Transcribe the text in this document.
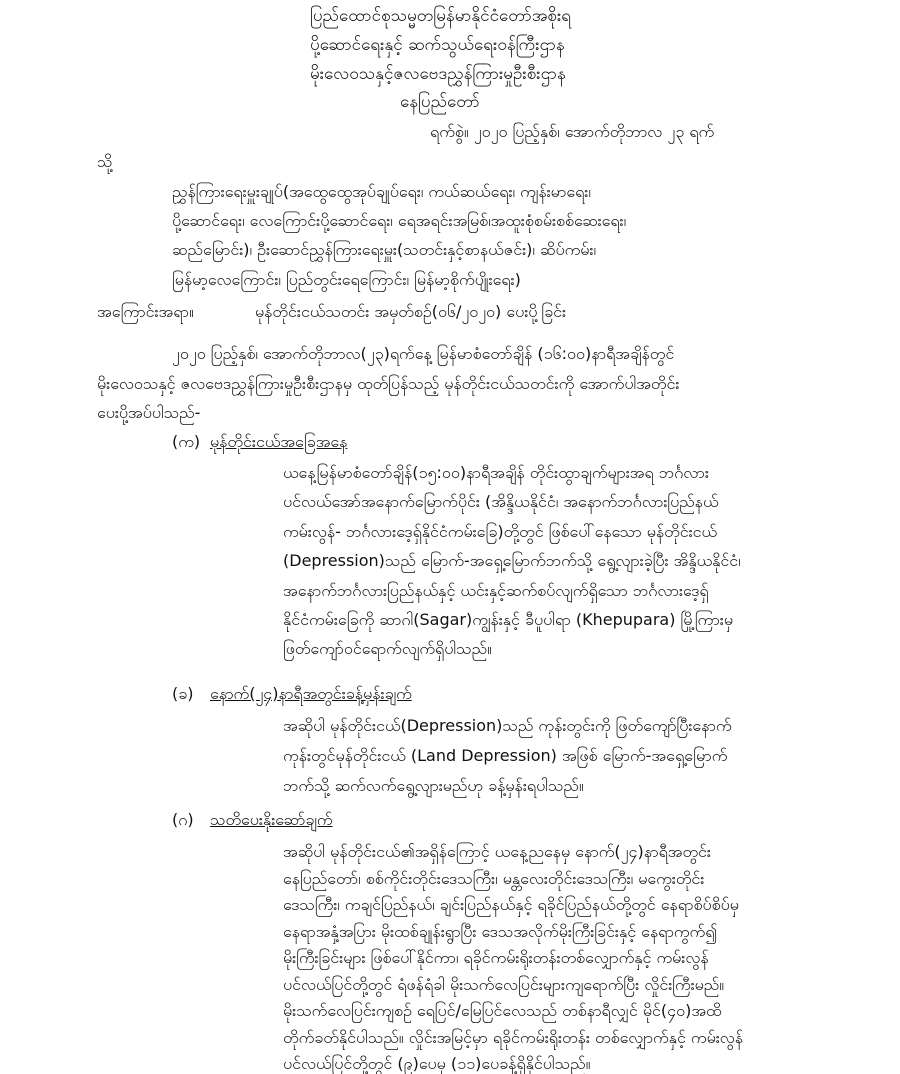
ပြည်ထောင်စုသမ္မတမြန်မာနိုင်ငံတော်အစိုးရ
ပို့ဆောင်ရေးနှင့် ဆက်သွယ်ရေးဝန်ကြီးဌာန
မိုးလေဝသနှင့်ဇလဗေဒညွှန်ကြားမှုဦးစီးဌာန
နေပြည်တော်
ရက်စွဲ။ ၂၀၂၀ ပြည့်နှစ်၊ အောက်တိုဘာလ ၂၃ ရက်
သို့
ညွှန်ကြားရေးမှူးချုပ်(အထွေထွေအုပ်ချုပ်ရေး၊ ကယ်ဆယ်ရေး၊ ကျန်းမာရေး၊
ပို့ဆောင်ရေး၊ လေကြောင်းပို့ဆောင်ရေး၊ ရေအရင်းအမြစ်၊အထူးစုံစမ်းစစ်ဆေးရေး၊
ဆည်မြောင်း)၊ ဦးဆောင်ညွှန်ကြားရေးမှူး(သတင်းနှင့်စာနယ်ဇင်း)၊ ဆိပ်ကမ်း၊
မြန်မာ့လေကြောင်း၊ ပြည်တွင်းရေကြောင်း၊ မြန်မာ့စိုက်ပျိုးရေး)
အကြောင်းအရာ။	မုန်တိုင်းငယ်သတင်း အမှတ်စဉ်(၀၆/၂၀၂၀) ပေးပို့ခြင်း
၂၀၂၀ ပြည့်နှစ်၊ အောက်တိုဘာလ(၂၃)ရက်နေ့ မြန်မာစံတော်ချိန် (၁၆:၀၀)နာရီအချိန်တွင်
မိုးလေဝသနှင့် ဇလဗေဒညွှန်ကြားမှုဦးစီးဌာနမှ ထုတ်ပြန်သည့် မုန်တိုင်းငယ်သတင်းကို အောက်ပါအတိုင်း
ပေးပို့အပ်ပါသည်-
(က) မုန်တိုင်းငယ်အခြေအနေ
ယနေ့မြန်မာစံတော်ချိန်(၁၅:၀၀)နာရီအချိန် တိုင်းထွာချက်များအရ ဘင်္ဂလား
ပင်လယ်အော်အနောက်မြောက်ပိုင်း (အိန္ဒိယနိုင်ငံ၊ အနောက်ဘင်္ဂလားပြည်နယ်
ကမ်းလွန်- ဘင်္ဂလားဒေ့ရှ်နိုင်ငံကမ်းခြေ)တို့တွင် ဖြစ်ပေါ်နေသော မုန်တိုင်းငယ်
(Depression)သည် မြောက်-အရှေ့မြောက်ဘက်သို့ ရွေ့လျားခဲ့ပြီး အိန္ဒိယနိုင်ငံ၊
အနောက်ဘင်္ဂလားပြည်နယ်နှင့် ယင်းနှင့်ဆက်စပ်လျက်ရှိသော ဘင်္ဂလားဒေ့ရှ်
နိုင်ငံကမ်းခြေကို ဆာဂါ(Sagar)ကျွန်းနှင့် ခီပူပါရာ (Khepupara) မြို့ကြားမှ
ဖြတ်ကျော်ဝင်ရောက်လျက်ရှိပါသည်။
(ခ) နောက်(၂၄)နာရီအတွင်းခန့်မှန်းချက်
အဆိုပါ မုန်တိုင်းငယ်(Depression)သည် ကုန်းတွင်းကို ဖြတ်ကျော်ပြီးနောက်
ကုန်းတွင်မုန်တိုင်းငယ် (Land Depression) အဖြစ် မြောက်-အရှေ့မြောက်
ဘက်သို့ ဆက်လက်ရွေ့လျားမည်ဟု ခန့်မှန်းရပါသည်။
(ဂ) သတိပေးနိုးဆော်ချက်
အဆိုပါ မုန်တိုင်းငယ်၏အရှိန်ကြောင့် ယနေ့ညနေမှ နောက်(၂၄)နာရီအတွင်း
နေပြည်တော်၊ စစ်ကိုင်းတိုင်းဒေသကြီး၊ မန္တလေးတိုင်းဒေသကြီး၊ မကွေးတိုင်း
ဒေသကြီး၊ ကချင်ပြည်နယ်၊ ချင်းပြည်နယ်နှင့် ရခိုင်ပြည်နယ်တို့တွင် နေရာစိပ်စိပ်မှ
နေရာအနှံ့အပြား မိုးထစ်ချုန်းရွာပြီး ဒေသအလိုက်မိုးကြီးခြင်းနှင့် နေရာကွက်၍
မိုးကြီးခြင်းများ ဖြစ်ပေါ်နိုင်ကာ၊ ရခိုင်ကမ်းရိုးတန်းတစ်လျှောက်နှင့် ကမ်းလွန်
ပင်လယ်ပြင်တို့တွင် ရံဖန်ရံခါ မိုးသက်လေပြင်းများကျရောက်ပြီး လှိုင်းကြီးမည်။
မိုးသက်လေပြင်းကျစဉ် ရေပြင်/မြေပြင်လေသည် တစ်နာရီလျှင် မိုင်(၄၀)အထိ
တိုက်ခတ်နိုင်ပါသည်။ လှိုင်းအမြင့်မှာ ရခိုင်ကမ်းရိုးတန်း တစ်လျှောက်နှင့် ကမ်းလွန်
ပင်လယ်ပြင်တို့တွင် (၉)ပေမှ (၁၁)ပေခန့်ရှိနိုင်ပါသည်။
